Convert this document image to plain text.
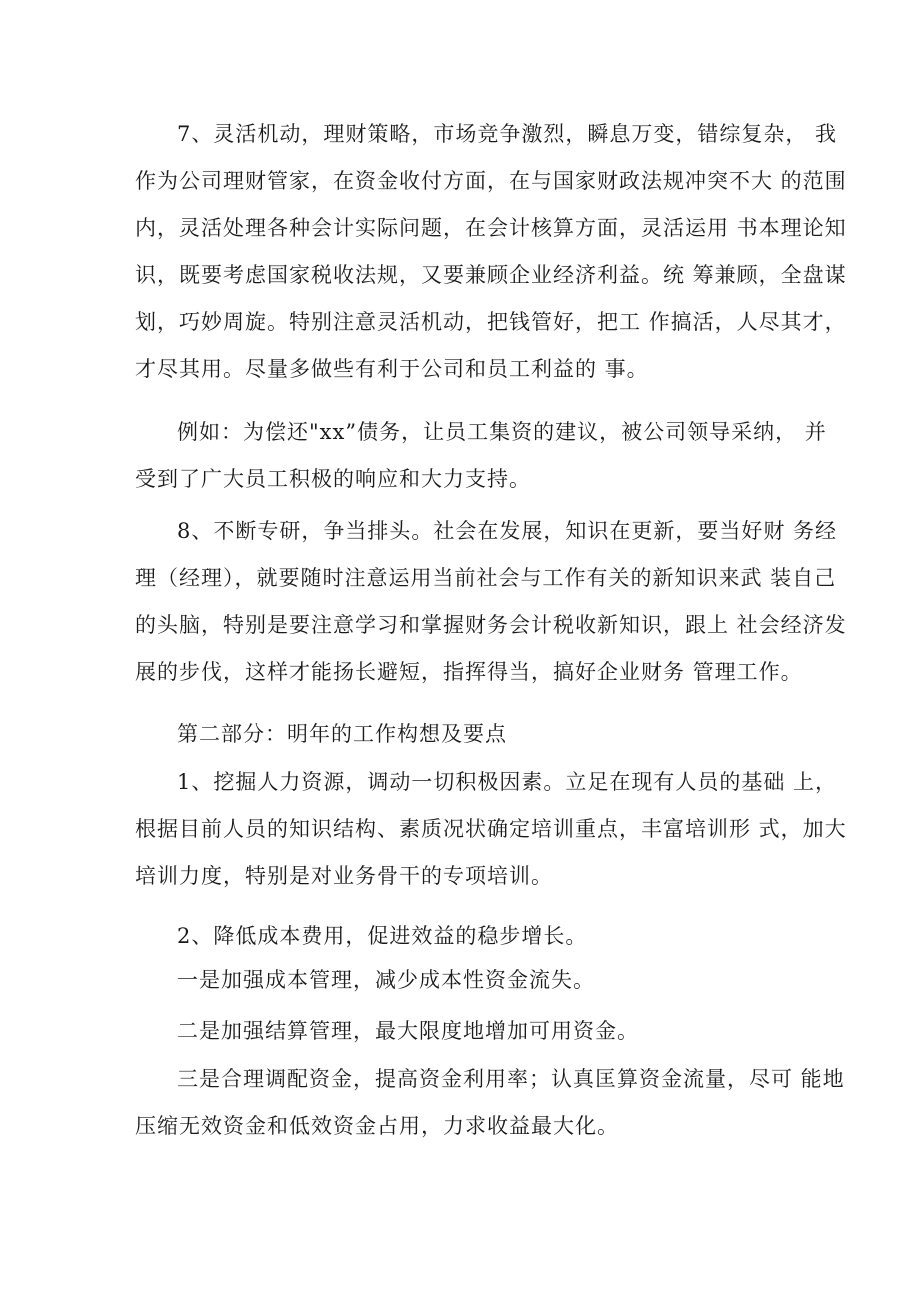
7、灵活机动，理财策略，市场竞争激烈，瞬息万变，错综复杂， 我
作为公司理财管家，在资金收付方面，在与国家财政法规冲突不大 的范围
内，灵活处理各种会计实际问题，在会计核算方面，灵活运用 书本理论知
识，既要考虑国家税收法规，又要兼顾企业经济利益。统 筹兼顾，全盘谋
划，巧妙周旋。特别注意灵活机动，把钱管好，把工 作搞活，人尽其才，
才尽其用。尽量多做些有利于公司和员工利益的 事。
例如：为偿还"xx”债务，让员工集资的建议，被公司领导采纳， 并
受到了广大员工积极的响应和大力支持。
8、不断专研，争当排头。社会在发展，知识在更新，要当好财 务经
理（经理），就要随时注意运用当前社会与工作有关的新知识来武 装自己
的头脑，特别是要注意学习和掌握财务会计税收新知识，跟上 社会经济发
展的步伐，这样才能扬长避短，指挥得当，搞好企业财务 管理工作。
第二部分：明年的工作构想及要点
1、挖掘人力资源，调动一切积极因素。立足在现有人员的基础 上，
根据目前人员的知识结构、素质况状确定培训重点，丰富培训形 式，加大
培训力度，特别是对业务骨干的专项培训。
2、降低成本费用，促进效益的稳步增长。
一是加强成本管理，减少成本性资金流失。
二是加强结算管理，最大限度地增加可用资金。
三是合理调配资金，提高资金利用率；认真匡算资金流量，尽可 能地
压缩无效资金和低效资金占用，力求收益最大化。
